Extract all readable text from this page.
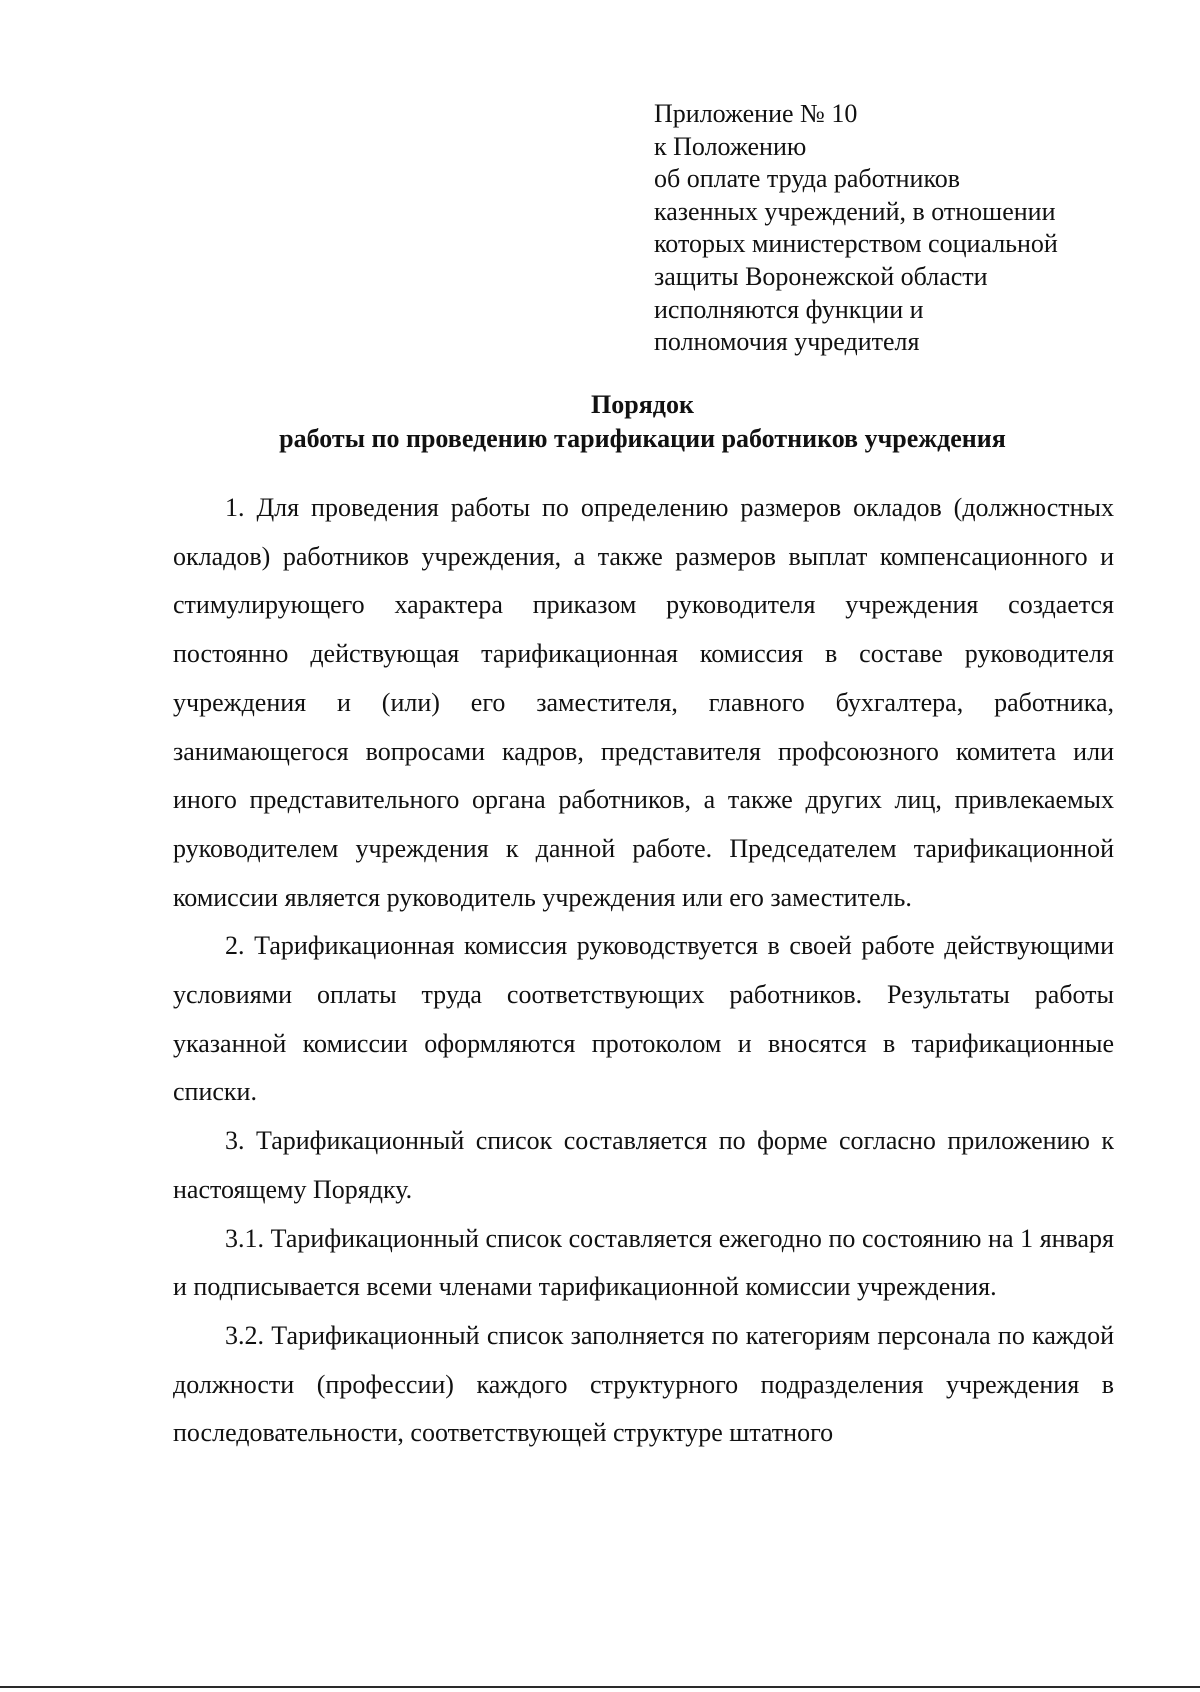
Приложение № 10
к Положению
об оплате труда работников
казенных учреждений, в отношении
которых министерством социальной
защиты Воронежской области
исполняются функции и
полномочия учредителя
Порядок
работы по проведению тарификации работников учреждения

1. Для проведения работы по определению размеров окладов (должностных окладов) работников учреждения, а также размеров выплат компенсационного и стимулирующего характера приказом руководителя учреждения создается постоянно действующая тарификационная комиссия в составе руководителя учреждения и (или) его заместителя, главного бухгалтера, работника, занимающегося вопросами кадров, представителя профсоюзного комитета или иного представительного органа работников, а также других лиц, привлекаемых руководителем учреждения к данной работе. Председателем тарификационной комиссии является руководитель учреждения или его заместитель.

2. Тарификационная комиссия руководствуется в своей работе действующими условиями оплаты труда соответствующих работников. Результаты работы указанной комиссии оформляются протоколом и вносятся в тарификационные списки.

3. Тарификационный список составляется по форме согласно приложению к настоящему Порядку.

3.1. Тарификационный список составляется ежегодно по состоянию на 1 января и подписывается всеми членами тарификационной комиссии учреждения.

3.2. Тарификационный список заполняется по категориям персонала по каждой должности (профессии) каждого структурного подразделения учреждения в последовательности, соответствующей структуре штатного
